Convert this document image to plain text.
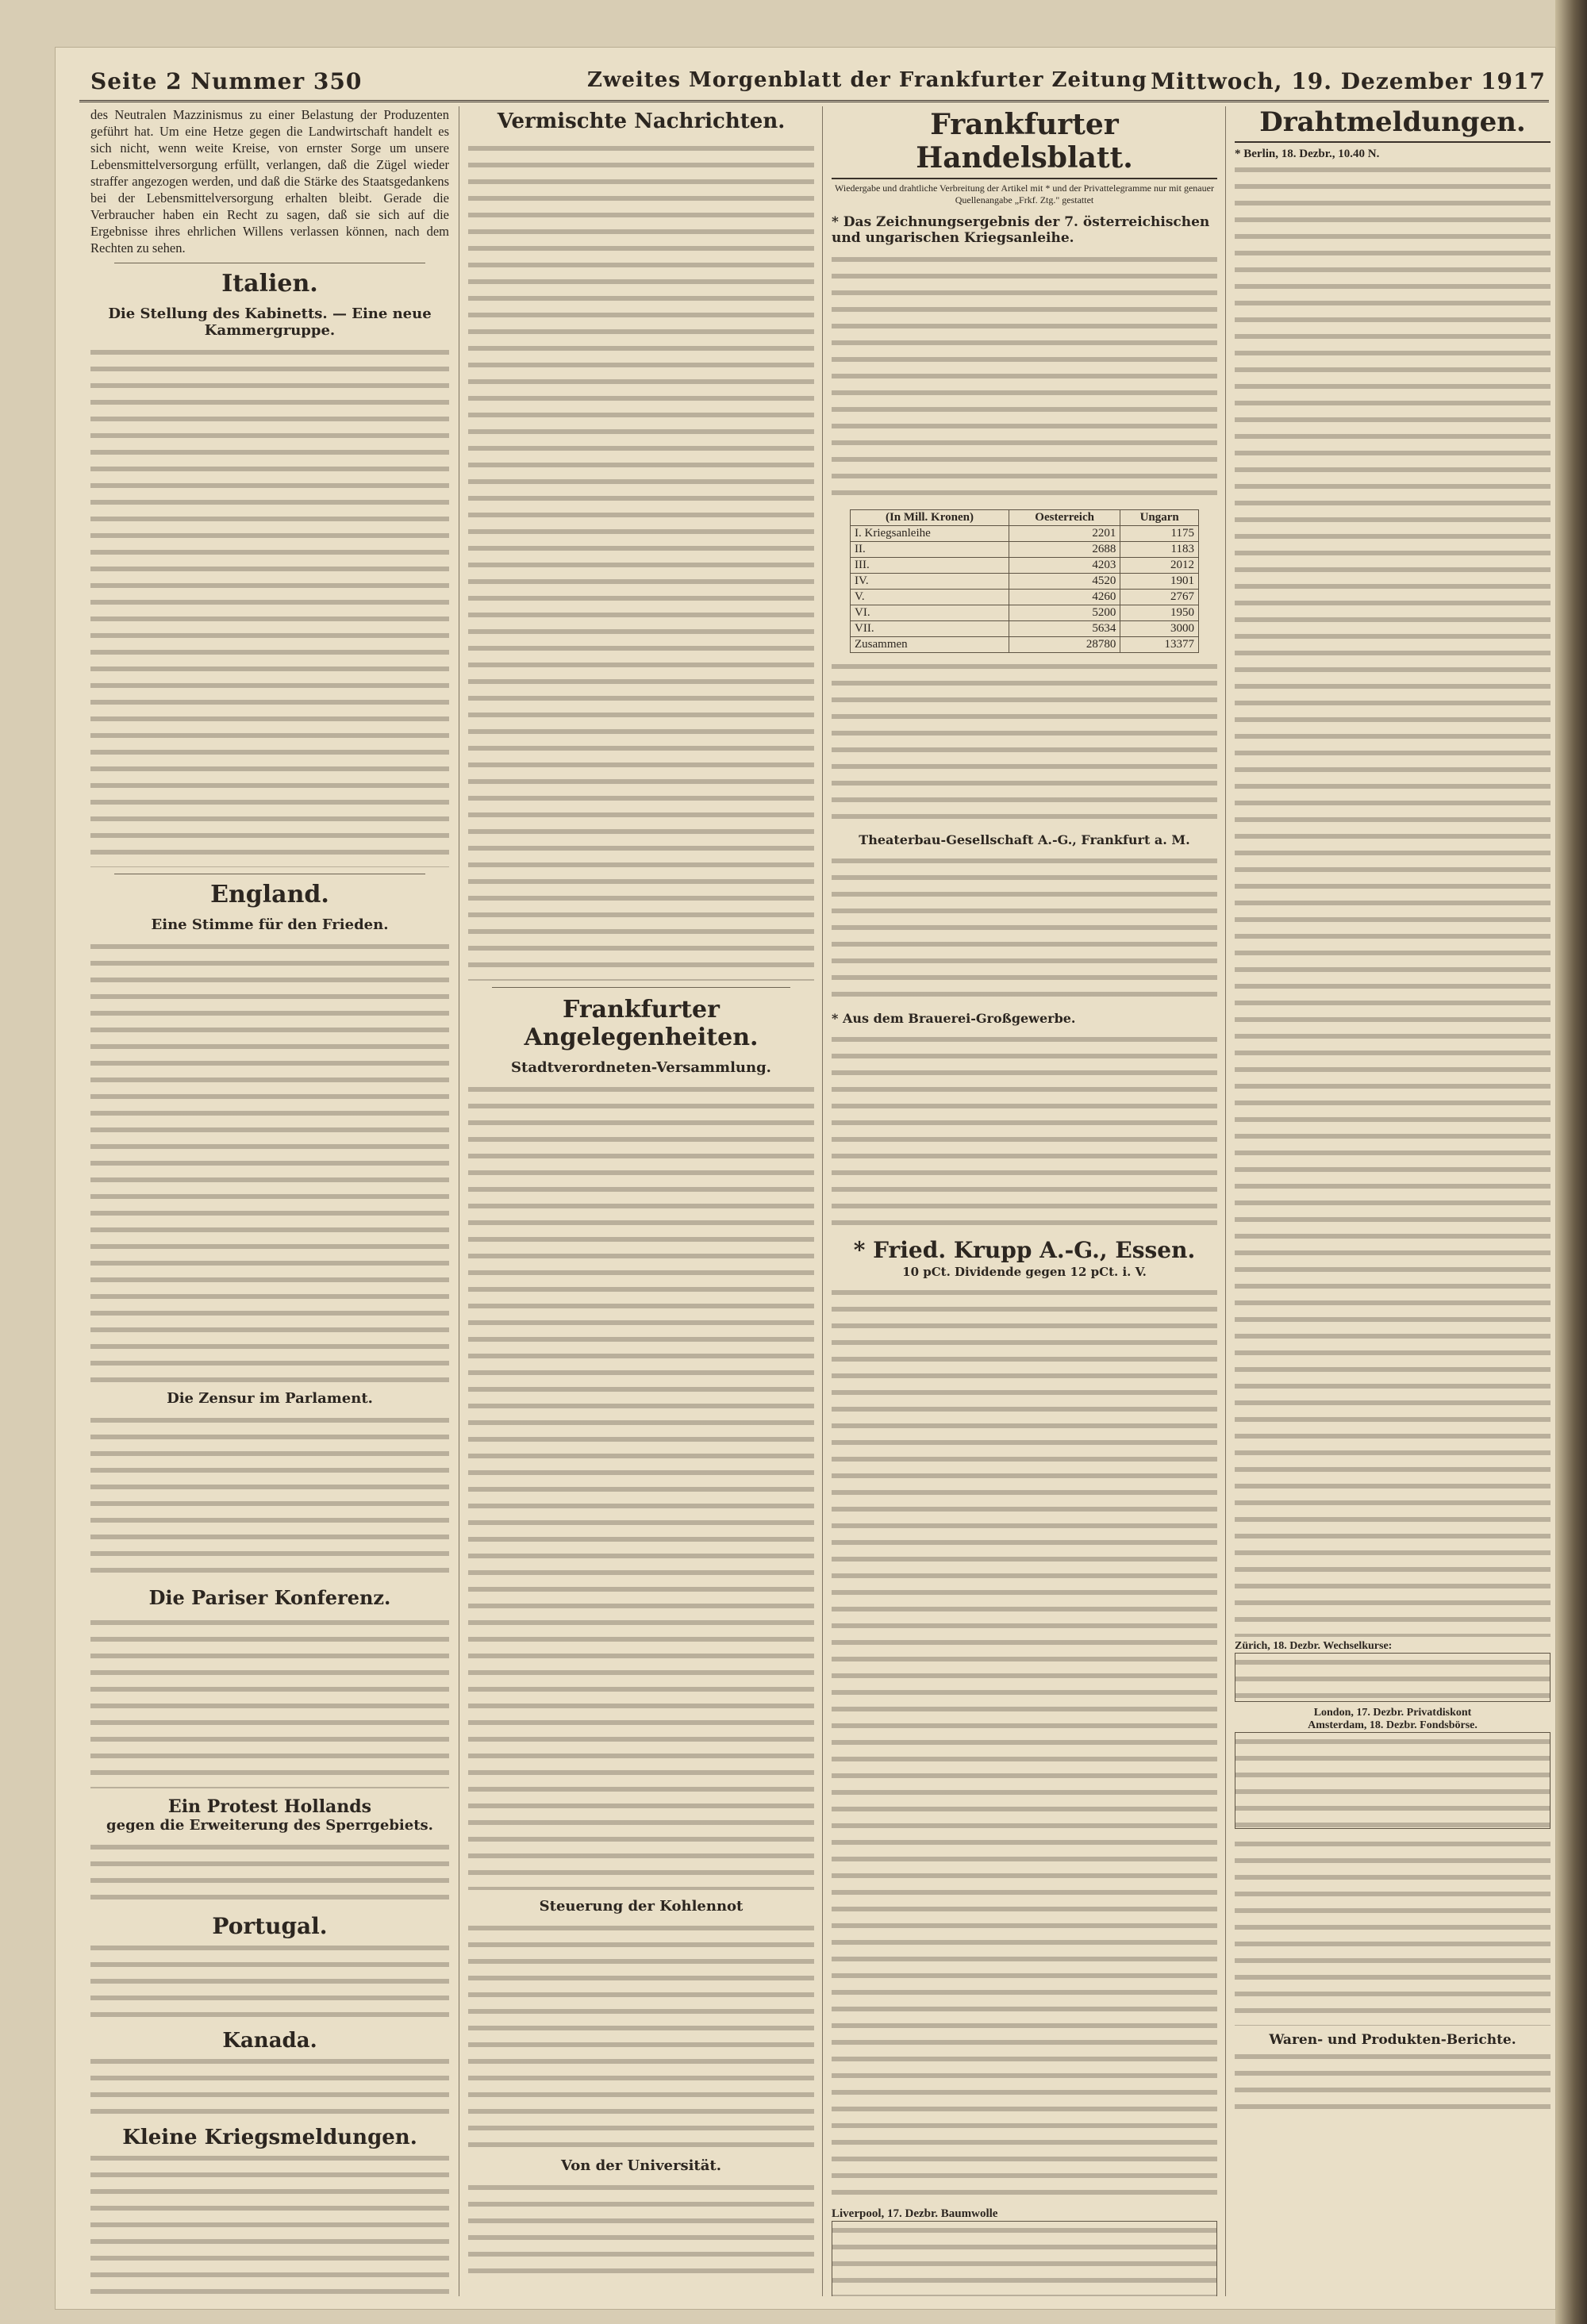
Seite 2 Nummer 350	Zweites Morgenblatt der Frankfurter Zeitung Mittwoch, 19. Dezember 1917

des Neutralen Mazzinismus zu einer Belastung der Produzenten geführt hat. Um eine Hetze gegen die Landwirtschaft handelt es sich nicht, wenn weite Kreise, von ernster Sorge um unsere Lebensmittelversorgung erfüllt, verlangen, daß die Zügel wieder straffer angezogen werden, und daß die Stärke des Staatsgedankens bei der Lebensmittelversorgung erhalten bleibt. Gerade die Verbraucher haben ein Recht zu sagen, daß sie sich auf die Ergebnisse ihres ehrlichen Willens verlassen können, nach dem Rechten zu sehen.

Italien.
Die Stellung des Kabinetts. — Eine neue Kammergruppe.
England.
Eine Stimme für den Frieden.
Die Zensur im Parlament.
Die Pariser Konferenz.
Ein Protest Hollands
gegen die Erweiterung des Sperrgebiets.
Portugal.
Kanada.
Kleine Kriegsmeldungen.
Vermischte Nachrichten.
Frankfurter Angelegenheiten.
Stadtverordneten-Versammlung.
Steuerung der Kohlennot
Von der Universität.
Frankfurter Handelsblatt.
Wiedergabe und drahtliche Verbreitung der Artikel mit * und der Privattelegramme nur mit genauer Quellenangabe „Frkf. Ztg." gestattet
* Das Zeichnungsergebnis der 7. österreichischen und ungarischen Kriegsanleihe.
(In Mill. Kronen)	Oesterreich	Ungarn
I. Kriegsanleihe	2201	1175
II.	2688	1183
III.	4203	2012
IV.	4520	1901
V.	4260	2767
VI.	5200	1950
VII.	5634	3000
Zusammen	28780	13377
Theaterbau-Gesellschaft A.-G., Frankfurt a. M.
* Aus dem Brauerei-Großgewerbe.
* Fried. Krupp A.-G., Essen.
10 pCt. Dividende gegen 12 pCt. i. V.
Liverpool, 17. Dezbr. Baumwolle
Drahtmeldungen.
* Berlin, 18. Dezbr., 10.40 N.
Zürich, 18. Dezbr. Wechselkurse:
London, 17. Dezbr. Privatdiskont
Amsterdam, 18. Dezbr. Fondsbörse.
Waren- und Produkten-Berichte.
